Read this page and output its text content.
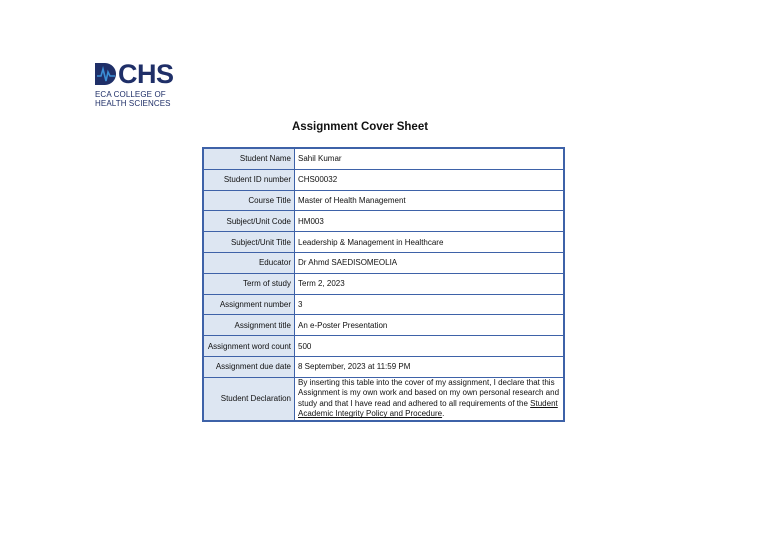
CHS
ECA COLLEGE OF
HEALTH SCIENCES
Assignment Cover Sheet
Student Name	Sahil Kumar
Student ID number	CHS00032
Course Title	Master of Health Management
Subject/Unit Code	HM003
Subject/Unit Title	Leadership & Management in Healthcare
Educator	Dr Ahmd SAEDISOMEOLIA
Term of study	Term 2, 2023
Assignment number	3
Assignment title	An e-Poster Presentation
Assignment word count	500
Assignment due date	8 September, 2023 at 11:59 PM
Student Declaration	By inserting this table into the cover of my assignment, I declare that this Assignment is my own work and based on my own personal research and study and that I have read and adhered to all requirements of the Student Academic Integrity Policy and Procedure.
